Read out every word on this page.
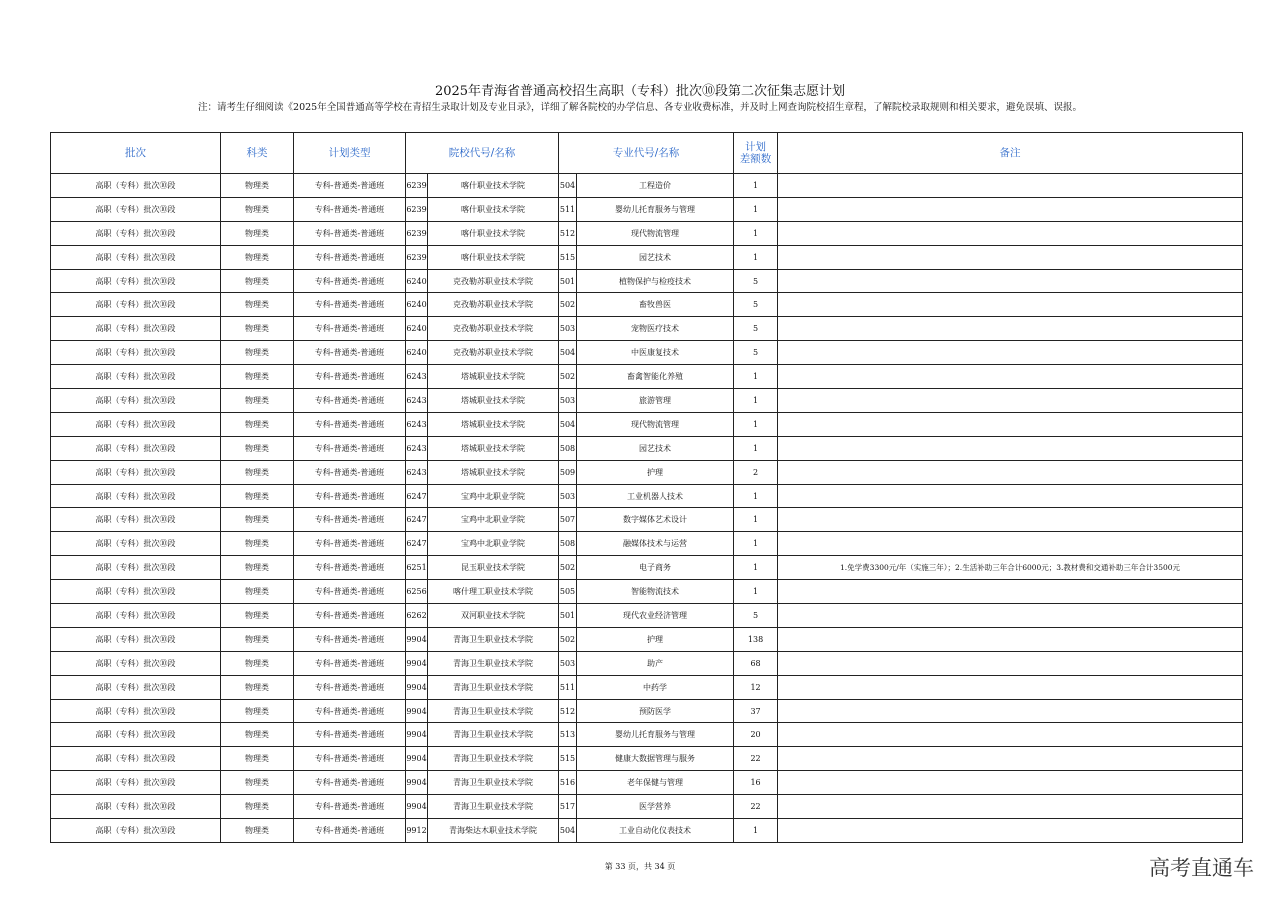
2025年青海省普通高校招生高职（专科）批次⑩段第二次征集志愿计划
注：请考生仔细阅读《2025年全国普通高等学校在青招生录取计划及专业目录》，详细了解各院校的办学信息、各专业收费标准，并及时上网查询院校招生章程，了解院校录取规则和相关要求，避免误填、误报。
批次	科类	计划类型	院校代号/名称		专业代号/名称		计划
差额数	备注
高职（专科）批次⑩段	物理类	专科-普通类-普通班	6239	喀什职业技术学院	504	工程造价	1	
高职（专科）批次⑩段	物理类	专科-普通类-普通班	6239	喀什职业技术学院	511	婴幼儿托育服务与管理	1	
高职（专科）批次⑩段	物理类	专科-普通类-普通班	6239	喀什职业技术学院	512	现代物流管理	1	
高职（专科）批次⑩段	物理类	专科-普通类-普通班	6239	喀什职业技术学院	515	园艺技术	1	
高职（专科）批次⑩段	物理类	专科-普通类-普通班	6240	克孜勒苏职业技术学院	501	植物保护与检疫技术	5	
高职（专科）批次⑩段	物理类	专科-普通类-普通班	6240	克孜勒苏职业技术学院	502	畜牧兽医	5	
高职（专科）批次⑩段	物理类	专科-普通类-普通班	6240	克孜勒苏职业技术学院	503	宠物医疗技术	5	
高职（专科）批次⑩段	物理类	专科-普通类-普通班	6240	克孜勒苏职业技术学院	504	中医康复技术	5	
高职（专科）批次⑩段	物理类	专科-普通类-普通班	6243	塔城职业技术学院	502	畜禽智能化养殖	1	
高职（专科）批次⑩段	物理类	专科-普通类-普通班	6243	塔城职业技术学院	503	旅游管理	1	
高职（专科）批次⑩段	物理类	专科-普通类-普通班	6243	塔城职业技术学院	504	现代物流管理	1	
高职（专科）批次⑩段	物理类	专科-普通类-普通班	6243	塔城职业技术学院	508	园艺技术	1	
高职（专科）批次⑩段	物理类	专科-普通类-普通班	6243	塔城职业技术学院	509	护理	2	
高职（专科）批次⑩段	物理类	专科-普通类-普通班	6247	宝鸡中北职业学院	503	工业机器人技术	1	
高职（专科）批次⑩段	物理类	专科-普通类-普通班	6247	宝鸡中北职业学院	507	数字媒体艺术设计	1	
高职（专科）批次⑩段	物理类	专科-普通类-普通班	6247	宝鸡中北职业学院	508	融媒体技术与运营	1	
高职（专科）批次⑩段	物理类	专科-普通类-普通班	6251	昆玉职业技术学院	502	电子商务	1	1.免学费3300元/年（实施三年）；2.生活补助三年合计6000元；3.教材费和交通补助三年合计3500元
高职（专科）批次⑩段	物理类	专科-普通类-普通班	6256	喀什理工职业技术学院	505	智能物流技术	1	
高职（专科）批次⑩段	物理类	专科-普通类-普通班	6262	双河职业技术学院	501	现代农业经济管理	5	
高职（专科）批次⑩段	物理类	专科-普通类-普通班	9904	青海卫生职业技术学院	502	护理	138	
高职（专科）批次⑩段	物理类	专科-普通类-普通班	9904	青海卫生职业技术学院	503	助产	68	
高职（专科）批次⑩段	物理类	专科-普通类-普通班	9904	青海卫生职业技术学院	511	中药学	12	
高职（专科）批次⑩段	物理类	专科-普通类-普通班	9904	青海卫生职业技术学院	512	预防医学	37	
高职（专科）批次⑩段	物理类	专科-普通类-普通班	9904	青海卫生职业技术学院	513	婴幼儿托育服务与管理	20	
高职（专科）批次⑩段	物理类	专科-普通类-普通班	9904	青海卫生职业技术学院	515	健康大数据管理与服务	22	
高职（专科）批次⑩段	物理类	专科-普通类-普通班	9904	青海卫生职业技术学院	516	老年保健与管理	16	
高职（专科）批次⑩段	物理类	专科-普通类-普通班	9904	青海卫生职业技术学院	517	医学营养	22	
高职（专科）批次⑩段	物理类	专科-普通类-普通班	9912	青海柴达木职业技术学院	504	工业自动化仪表技术	1	
第 33 页，共 34 页	高考直通车
